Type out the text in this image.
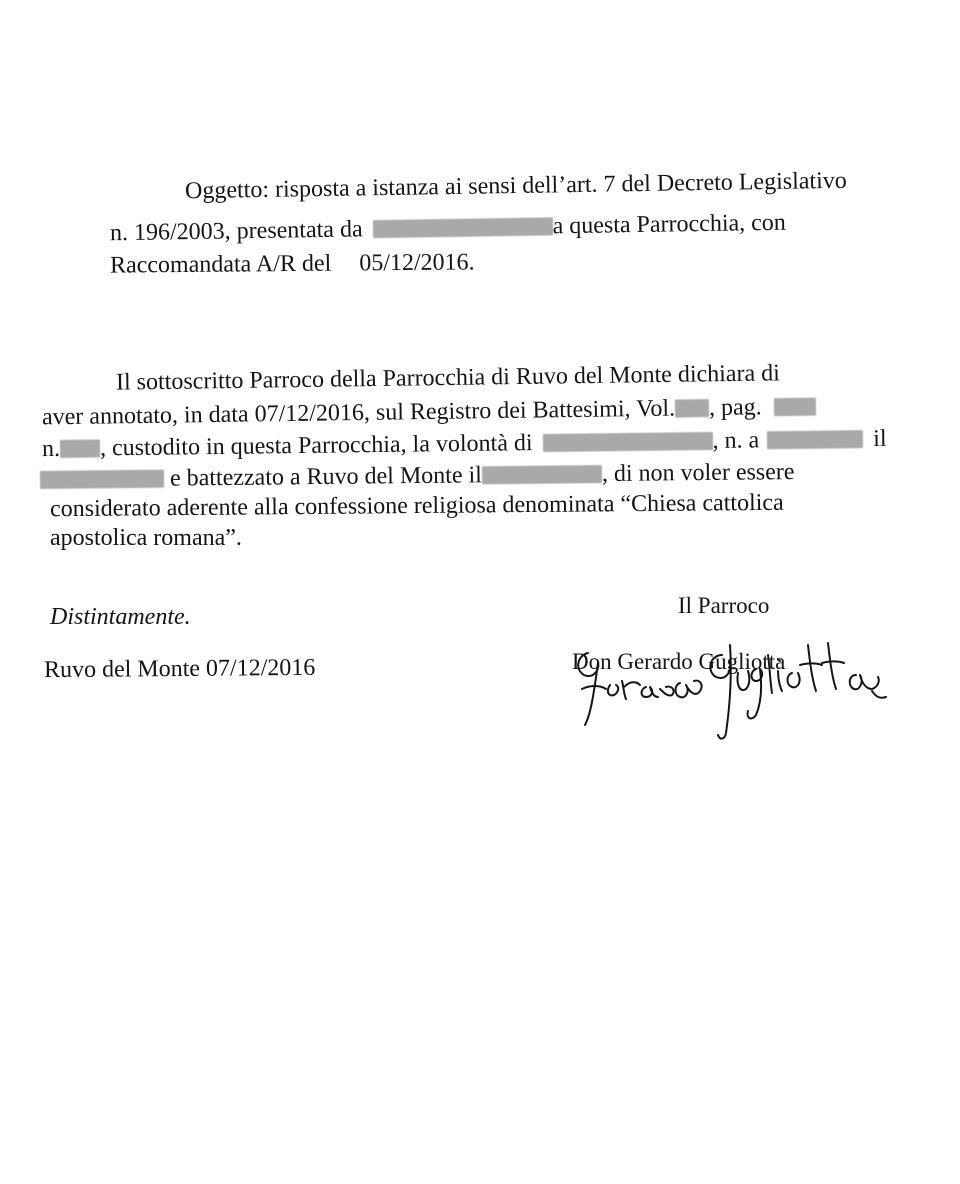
Oggetto: risposta a istanza ai sensi dell’art. 7 del Decreto Legislativo
n. 196/2003, presentata da	a questa Parrocchia, con
Raccomandata A/R del 05/12/2016.
Il sottoscritto Parroco della Parrocchia di Ruvo del Monte dichiara di
aver annotato, in data 07/12/2016, sul Registro dei Battesimi, Vol. , pag.
n. , custodito in questa Parrocchia, la volontà di	, n. a	il
e battezzato a Ruvo del Monte il	, di non voler essere
considerato aderente alla confessione religiosa denominata “Chiesa cattolica
apostolica romana”.
Distintamente.	Il Parroco
Ruvo del Monte 07/12/2016	Don Gerardo Gugliotta
